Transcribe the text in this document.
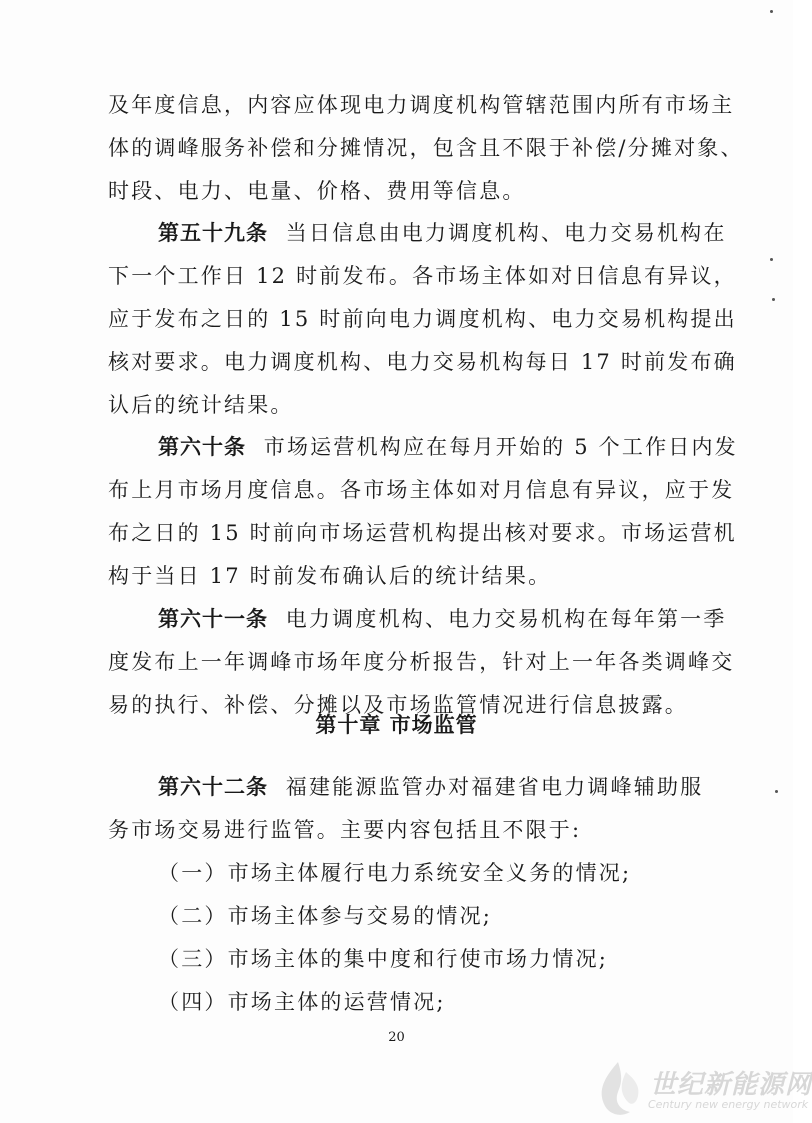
及年度信息，内容应体现电力调度机构管辖范围内所有市场主
体的调峰服务补偿和分摊情况，包含且不限于补偿/分摊对象、
时段、电力、电量、价格、费用等信息。
第五十九条 当日信息由电力调度机构、电力交易机构在
下一个工作日 12 时前发布。各市场主体如对日信息有异议，
应于发布之日的 15 时前向电力调度机构、电力交易机构提出
核对要求。电力调度机构、电力交易机构每日 17 时前发布确
认后的统计结果。
第六十条 市场运营机构应在每月开始的 5 个工作日内发
布上月市场月度信息。各市场主体如对月信息有异议，应于发
布之日的 15 时前向市场运营机构提出核对要求。市场运营机
构于当日 17 时前发布确认后的统计结果。
第六十一条 电力调度机构、电力交易机构在每年第一季
度发布上一年调峰市场年度分析报告，针对上一年各类调峰交
易的执行、补偿、分摊以及市场监管情况进行信息披露。
第十章 市场监管
第六十二条 福建能源监管办对福建省电力调峰辅助服
务市场交易进行监管。主要内容包括且不限于:
（一）市场主体履行电力系统安全义务的情况;
（二）市场主体参与交易的情况;
（三）市场主体的集中度和行使市场力情况;
（四）市场主体的运营情况;
20
世纪新能源网
Century new energy network
